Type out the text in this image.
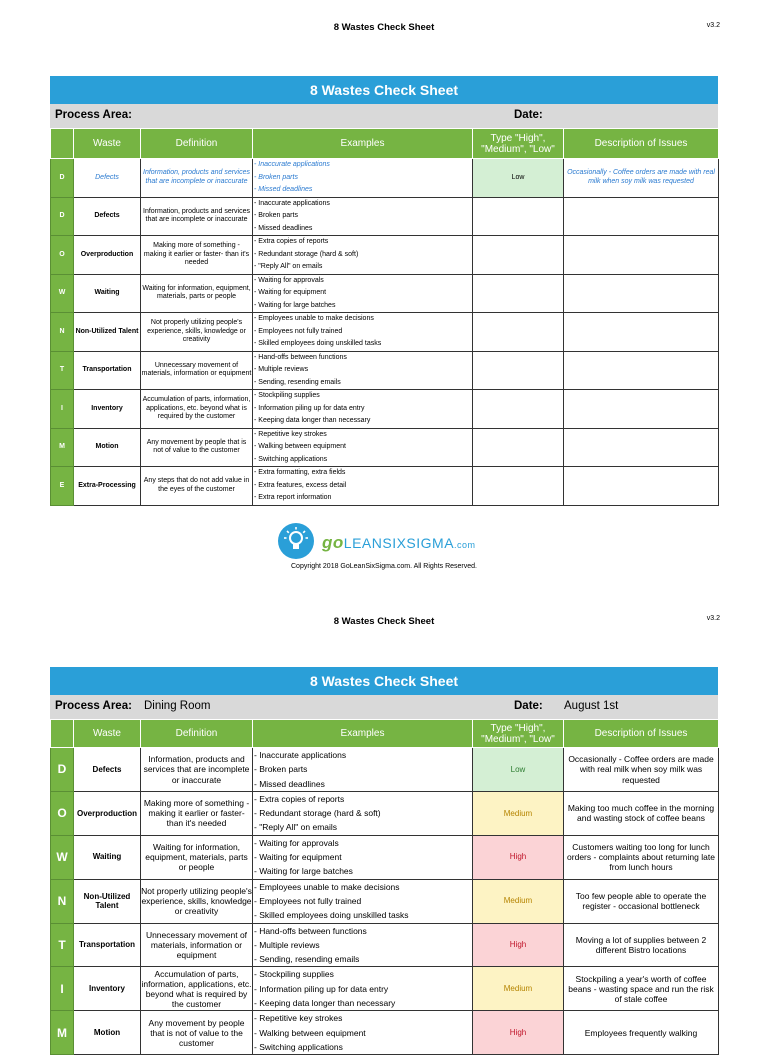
8 Wastes Check Sheet	v3.2
8 Wastes Check Sheet
Process Area:	Date:
	Waste	Definition	Examples	Type "High", "Medium", "Low"	Description of Issues
D	Defects	Information, products and services that are incomplete or inaccurate	- Inaccurate applications
- Broken parts
- Missed deadlines	Low	Occasionally - Coffee orders are made with real milk when soy milk was requested
D	Defects	Information, products and services that are incomplete or inaccurate	- Inaccurate applications
- Broken parts
- Missed deadlines		

O	Overproduction	Making more of something - making it earlier or faster- than it's needed	- Extra copies of reports
- Redundant storage (hard & soft)
- "Reply All" on emails		

W	Waiting	Waiting for information, equipment, materials, parts or people	- Waiting for approvals
- Waiting for equipment
- Waiting for large batches		

N	Non-Utilized Talent	Not properly utilizing people's experience, skills, knowledge or creativity	- Employees unable to make decisions
- Employees not fully trained
- Skilled employees doing unskilled tasks		

T	Transportation	Unnecessary movement of materials, information or equipment	- Hand-offs between functions
- Multiple reviews
- Sending, resending emails		

I	Inventory	Accumulation of parts, information, applications, etc. beyond what is required by the customer	- Stockpiling supplies
- Information piling up for data entry
- Keeping data longer than necessary		

M	Motion	Any movement by people that is not of value to the customer	- Repetitive key strokes
- Walking between equipment
- Switching applications		

E	Extra-Processing	Any steps that do not add value in the eyes of the customer	- Extra formatting, extra fields
- Extra features, excess detail
- Extra report information		

goLEANSIXSIGMA.com
Copyright 2018 GoLeanSixSigma.com. All Rights Reserved.
8 Wastes Check Sheet	v3.2
8 Wastes Check Sheet
Process Area: Dining Room	Date: August 1st
	Waste	Definition	Examples	Type "High", "Medium", "Low"	Description of Issues
D	Defects	Information, products and services that are incomplete or inaccurate	- Inaccurate applications
- Broken parts
- Missed deadlines	Low	Occasionally - Coffee orders are made with real milk when soy milk was requested
O	Overproduction	Making more of something - making it earlier or faster- than it's needed	- Extra copies of reports
- Redundant storage (hard & soft)
- "Reply All" on emails	Medium	Making too much coffee in the morning and wasting stock of coffee beans
W	Waiting	Waiting for information, equipment, materials, parts or people	- Waiting for approvals
- Waiting for equipment
- Waiting for large batches	High	Customers waiting too long for lunch orders - complaints about returning late from lunch hours
N	Non-Utilized Talent	Not properly utilizing people's experience, skills, knowledge or creativity	- Employees unable to make decisions
- Employees not fully trained
- Skilled employees doing unskilled tasks	Medium	Too few people able to operate the register - occasional bottleneck
T	Transportation	Unnecessary movement of materials, information or equipment	- Hand-offs between functions
- Multiple reviews
- Sending, resending emails	High	Moving a lot of supplies between 2 different Bistro locations
I	Inventory	Accumulation of parts, information, applications, etc. beyond what is required by the customer	- Stockpiling supplies
- Information piling up for data entry
- Keeping data longer than necessary	Medium	Stockpiling a year's worth of coffee beans - wasting space and run the risk of stale coffee
M	Motion	Any movement by people that is not of value to the customer	- Repetitive key strokes
- Walking between equipment
- Switching applications	High	Employees frequently walking
